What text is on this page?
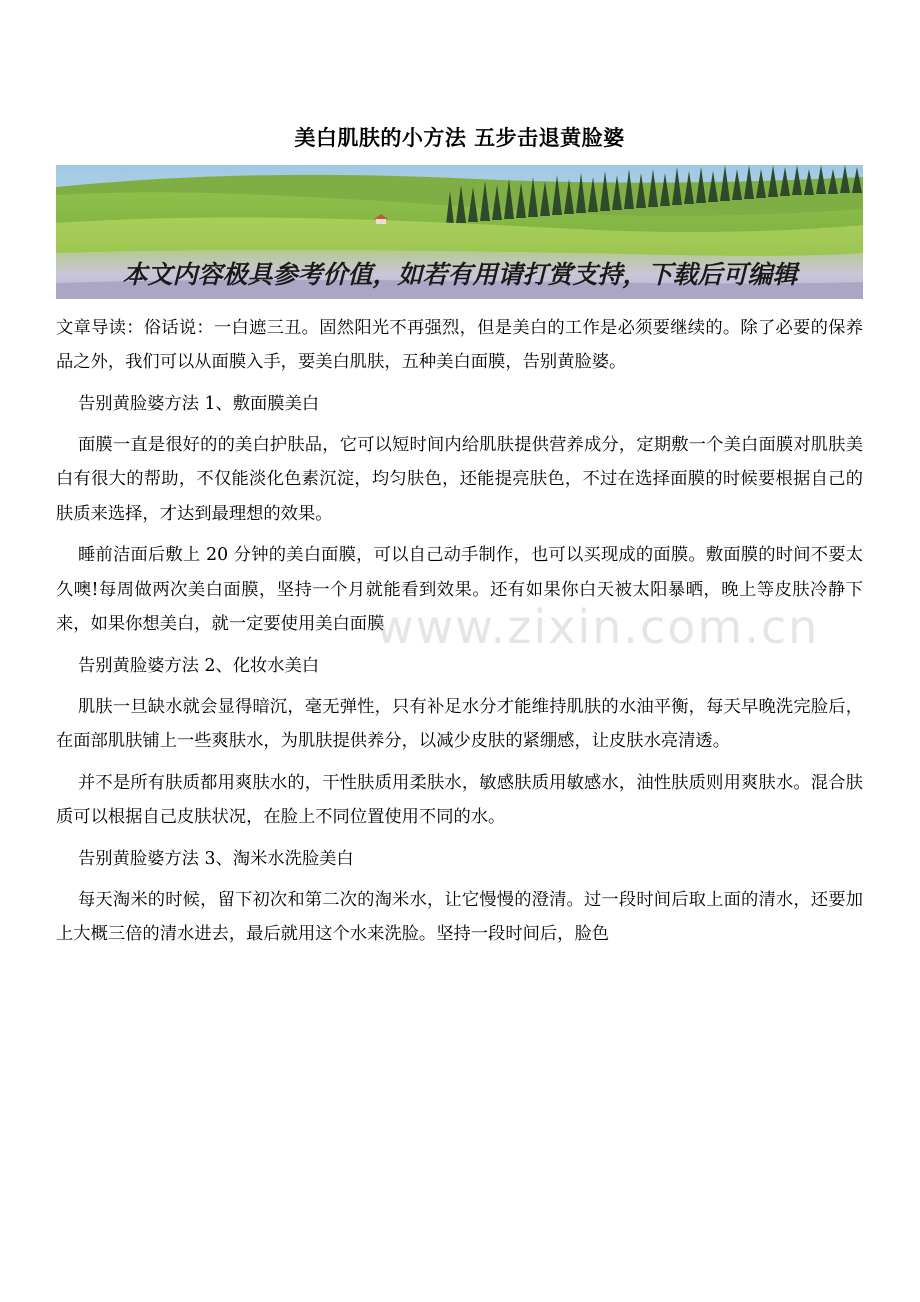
美白肌肤的小方法 五步击退黄脸婆
本文内容极具参考价值，如若有用请打赏支持，下载后可编辑

文章导读：俗话说：一白遮三丑。固然阳光不再强烈，但是美白的工作是必须要继续的。除了必要的保养品之外，我们可以从面膜入手，要美白肌肤，五种美白面膜，告别黄脸婆。

告别黄脸婆方法 1、敷面膜美白

面膜一直是很好的的美白护肤品，它可以短时间内给肌肤提供营养成分，定期敷一个美白面膜对肌肤美白有很大的帮助，不仅能淡化色素沉淀，均匀肤色，还能提亮肤色，不过在选择面膜的时候要根据自己的肤质来选择，才达到最理想的效果。

睡前洁面后敷上 20 分钟的美白面膜，可以自己动手制作，也可以买现成的面膜。敷面膜的时间不要太久噢!每周做两次美白面膜，坚持一个月就能看到效果。还有如果你白天被太阳暴晒，晚上等皮肤冷静下来，如果你想美白，就一定要使用美白面膜

告别黄脸婆方法 2、化妆水美白

肌肤一旦缺水就会显得暗沉，毫无弹性，只有补足水分才能维持肌肤的水油平衡，每天早晚洗完脸后，在面部肌肤铺上一些爽肤水，为肌肤提供养分，以减少皮肤的紧绷感，让皮肤水亮清透。

并不是所有肤质都用爽肤水的，干性肤质用柔肤水，敏感肤质用敏感水，油性肤质则用爽肤水。混合肤质可以根据自己皮肤状况，在脸上不同位置使用不同的水。

告别黄脸婆方法 3、淘米水洗脸美白

每天淘米的时候，留下初次和第二次的淘米水，让它慢慢的澄清。过一段时间后取上面的清水，还要加上大概三倍的清水进去，最后就用这个水来洗脸。坚持一段时间后，脸色

www.zixin.com.cn
